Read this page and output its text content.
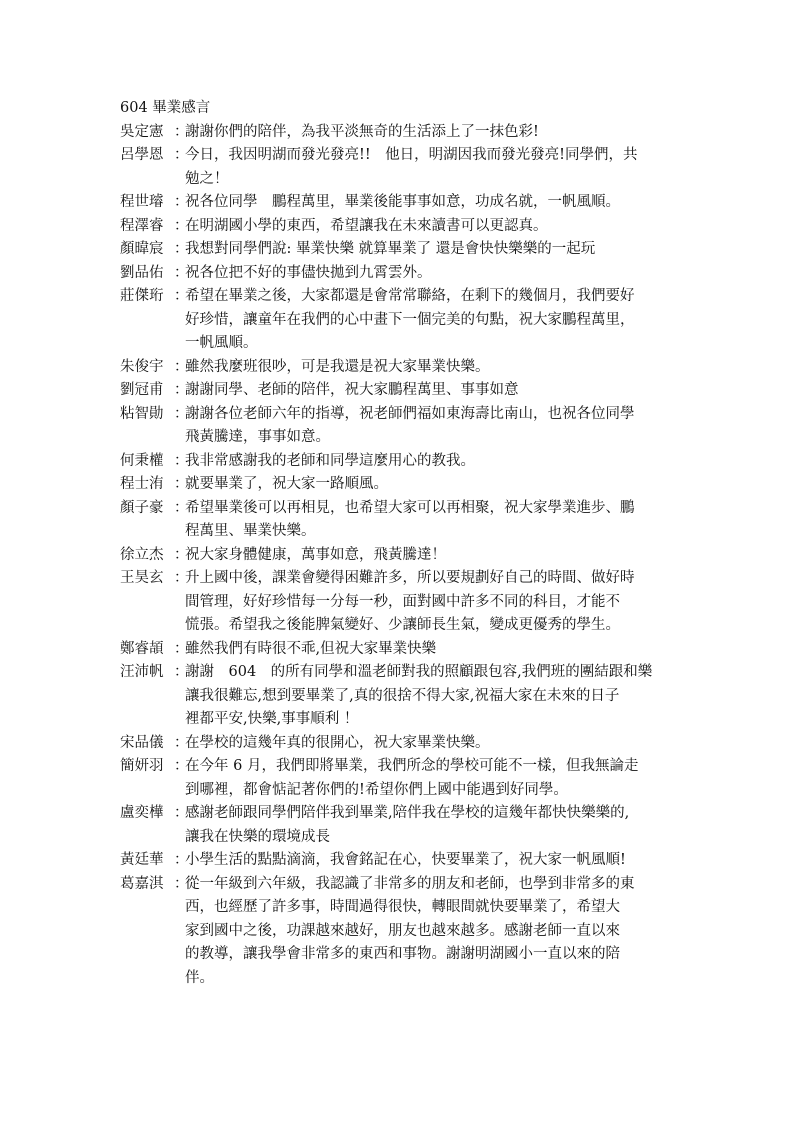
604 畢業感言
吳定憲 ：
謝謝你們的陪伴，為我平淡無奇的生活添上了一抹色彩!
呂學恩 ：
今日，我因明湖而發光發亮!!　他日，明湖因我而發光發亮!同學們，共
勉之！
程世璿 ：
祝各位同學　鵬程萬里，畢業後能事事如意，功成名就，一帆風順。
程澤睿 ：
在明湖國小學的東西，希望讓我在未來讀書可以更認真。
顏暐宸 ：
我想對同學們說: 畢業快樂 就算畢業了 還是會快快樂樂的一起玩
劉品佑 ：
祝各位把不好的事儘快拋到九霄雲外。
莊傑珩 ：
希望在畢業之後，大家都還是會常常聯絡，在剩下的幾個月，我們要好
好珍惜，讓童年在我們的心中畫下一個完美的句點，祝大家鵬程萬里，
一帆風順。
朱俊宇 ：
雖然我麼班很吵，可是我還是祝大家畢業快樂。
劉冠甫 ：
謝謝同學、老師的陪伴，祝大家鵬程萬里、事事如意
粘智勛 ：
謝謝各位老師六年的指導，祝老師們福如東海壽比南山，也祝各位同學
飛黃騰達，事事如意。
何秉權 ：
我非常感謝我的老師和同學這麼用心的教我。
程士洧 ：
就要畢業了，祝大家一路順風。
顏子豪 ：
希望畢業後可以再相見，也希望大家可以再相聚，祝大家學業進步、鵬
程萬里、畢業快樂。
徐立杰 ：
祝大家身體健康，萬事如意，飛黃騰達！
王昊玄 ：
升上國中後，課業會變得困難許多，所以要規劃好自己的時間、做好時
間管理，好好珍惜每一分每一秒，面對國中許多不同的科目，才能不
慌張。希望我之後能脾氣變好、少讓師長生氣，變成更優秀的學生。
鄭睿頡 ：
雖然我們有時很不乖,但祝大家畢業快樂
汪沛帆 ：
謝謝　604　的所有同學和溫老師對我的照顧跟包容,我們班的團結跟和樂
讓我很難忘,想到要畢業了,真的很捨不得大家,祝福大家在未來的日子
裡都平安,快樂,事事順利 ！
宋品儀 ：
在學校的這幾年真的很開心，祝大家畢業快樂。
簡妍羽 ：
在今年 6 月，我們即將畢業，我們所念的學校可能不一樣，但我無論走
到哪裡，都會惦記著你們的!希望你們上國中能遇到好同學。
盧奕樺 ：
感謝老師跟同學們陪伴我到畢業,陪伴我在學校的這幾年都快快樂樂的,
讓我在快樂的環境成長
黃廷華 ：
小學生活的點點滴滴，我會銘記在心，快要畢業了，祝大家一帆風順!
葛嘉淇 ：
從一年級到六年級，我認識了非常多的朋友和老師，也學到非常多的東
西，也經歷了許多事，時間過得很快，轉眼間就快要畢業了，希望大
家到國中之後，功課越來越好，朋友也越來越多。感謝老師一直以來
的教導，讓我學會非常多的東西和事物。謝謝明湖國小一直以來的陪
伴。
